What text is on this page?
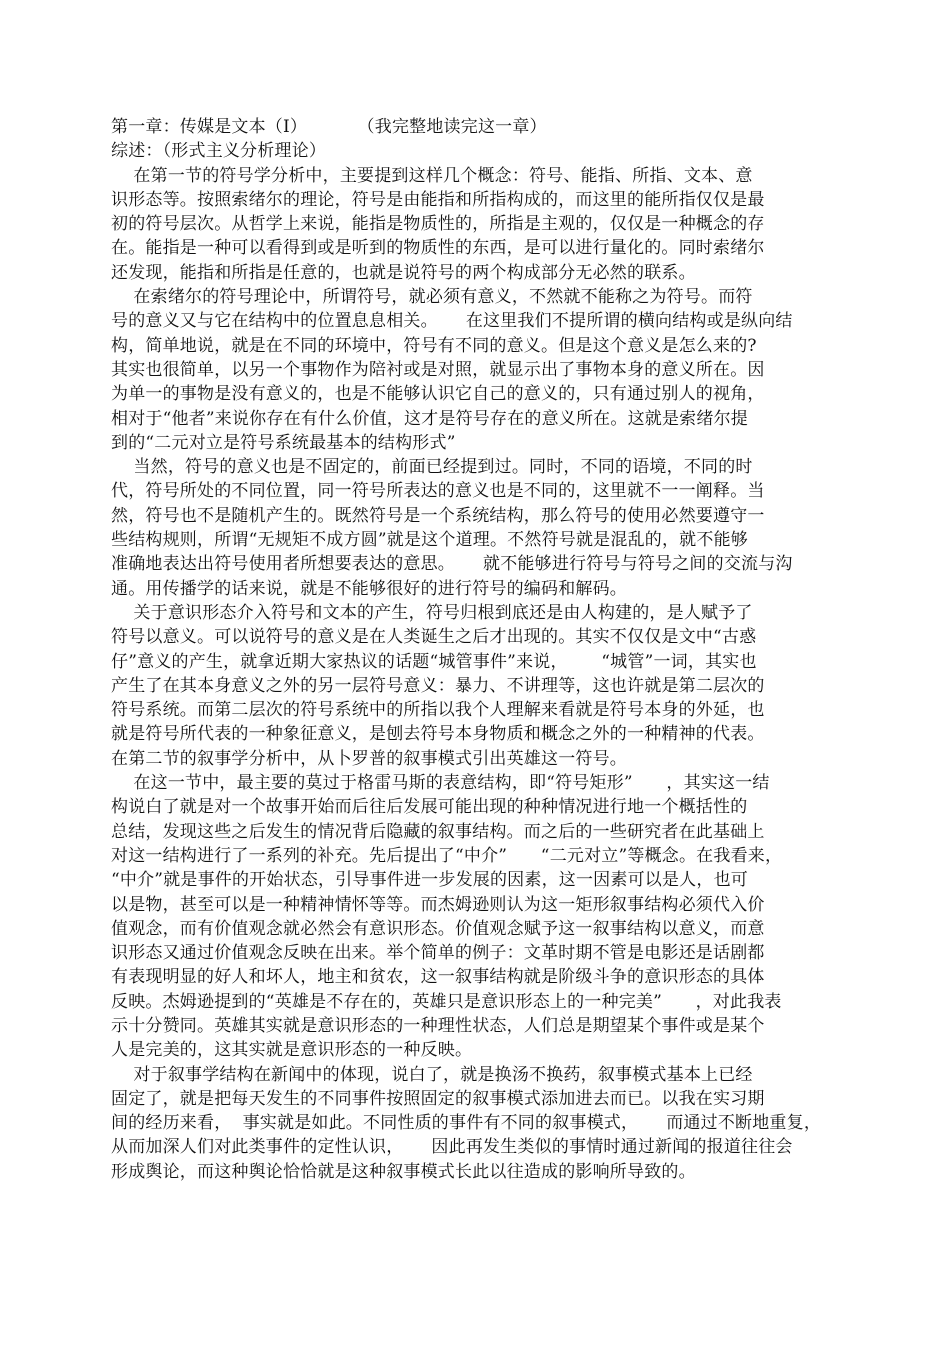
第一章：传媒是文本（Ⅰ）         （我完整地读完这一章）
综述：（形式主义分析理论）
在第一节的符号学分析中，主要提到这样几个概念：符号、能指、所指、文本、意
识形态等。按照索绪尔的理论，符号是由能指和所指构成的，而这里的能所指仅仅是最
初的符号层次。从哲学上来说，能指是物质性的，所指是主观的，仅仅是一种概念的存
在。能指是一种可以看得到或是听到的物质性的东西，是可以进行量化的。同时索绪尔
还发现，能指和所指是任意的，也就是说符号的两个构成部分无必然的联系。
在索绪尔的符号理论中，所谓符号，就必须有意义，不然就不能称之为符号。而符
号的意义又与它在结构中的位置息息相关。     在这里我们不提所谓的横向结构或是纵向结
构，简单地说，就是在不同的环境中，符号有不同的意义。但是这个意义是怎么来的?
其实也很简单，以另一个事物作为陪衬或是对照，就显示出了事物本身的意义所在。因
为单一的事物是没有意义的，也是不能够认识它自己的意义的，只有通过别人的视角，
相对于“他者”来说你存在有什么价值，这才是符号存在的意义所在。这就是索绪尔提
到的“二元对立是符号系统最基本的结构形式”
当然，符号的意义也是不固定的，前面已经提到过。同时，不同的语境，不同的时
代，符号所处的不同位置，同一符号所表达的意义也是不同的，这里就不一一阐释。当
然，符号也不是随机产生的。既然符号是一个系统结构，那么符号的使用必然要遵守一
些结构规则，所谓“无规矩不成方圆”就是这个道理。不然符号就是混乱的，就不能够
准确地表达出符号使用者所想要表达的意思。     就不能够进行符号与符号之间的交流与沟
通。用传播学的话来说，就是不能够很好的进行符号的编码和解码。
关于意识形态介入符号和文本的产生，符号归根到底还是由人构建的，是人赋予了
符号以意义。可以说符号的意义是在人类诞生之后才出现的。其实不仅仅是文中“古惑
仔”意义的产生，就拿近期大家热议的话题“城管事件”来说，      “城管”一词，其实也
产生了在其本身意义之外的另一层符号意义：暴力、不讲理等，这也许就是第二层次的
符号系统。而第二层次的符号系统中的所指以我个人理解来看就是符号本身的外延，也
就是符号所代表的一种象征意义，是刨去符号本身物质和概念之外的一种精神的代表。
在第二节的叙事学分析中，从卜罗普的叙事模式引出英雄这一符号。
在这一节中，最主要的莫过于格雷马斯的表意结构，即“符号矩形”      ，其实这一结
构说白了就是对一个故事开始而后往后发展可能出现的种种情况进行地一个概括性的
总结，发现这些之后发生的情况背后隐藏的叙事结构。而之后的一些研究者在此基础上
对这一结构进行了一系列的补充。先后提出了“中介”      “二元对立”等概念。在我看来，
“中介”就是事件的开始状态，引导事件进一步发展的因素，这一因素可以是人，也可
以是物，甚至可以是一种精神情怀等等。而杰姆逊则认为这一矩形叙事结构必须代入价
值观念，而有价值观念就必然会有意识形态。价值观念赋予这一叙事结构以意义，而意
识形态又通过价值观念反映在出来。举个简单的例子：文革时期不管是电影还是话剧都
有表现明显的好人和坏人，地主和贫农，这一叙事结构就是阶级斗争的意识形态的具体
反映。杰姆逊提到的“英雄是不存在的，英雄只是意识形态上的一种完美”      ，对此我表
示十分赞同。英雄其实就是意识形态的一种理性状态，人们总是期望某个事件或是某个
人是完美的，这其实就是意识形态的一种反映。
对于叙事学结构在新闻中的体现，说白了，就是换汤不换药，叙事模式基本上已经
固定了，就是把每天发生的不同事件按照固定的叙事模式添加进去而已。以我在实习期
间的经历来看，  事实就是如此。不同性质的事件有不同的叙事模式，     而通过不断地重复，
从而加深人们对此类事件的定性认识，     因此再发生类似的事情时通过新闻的报道往往会
形成舆论，而这种舆论恰恰就是这种叙事模式长此以往造成的影响所导致的。
